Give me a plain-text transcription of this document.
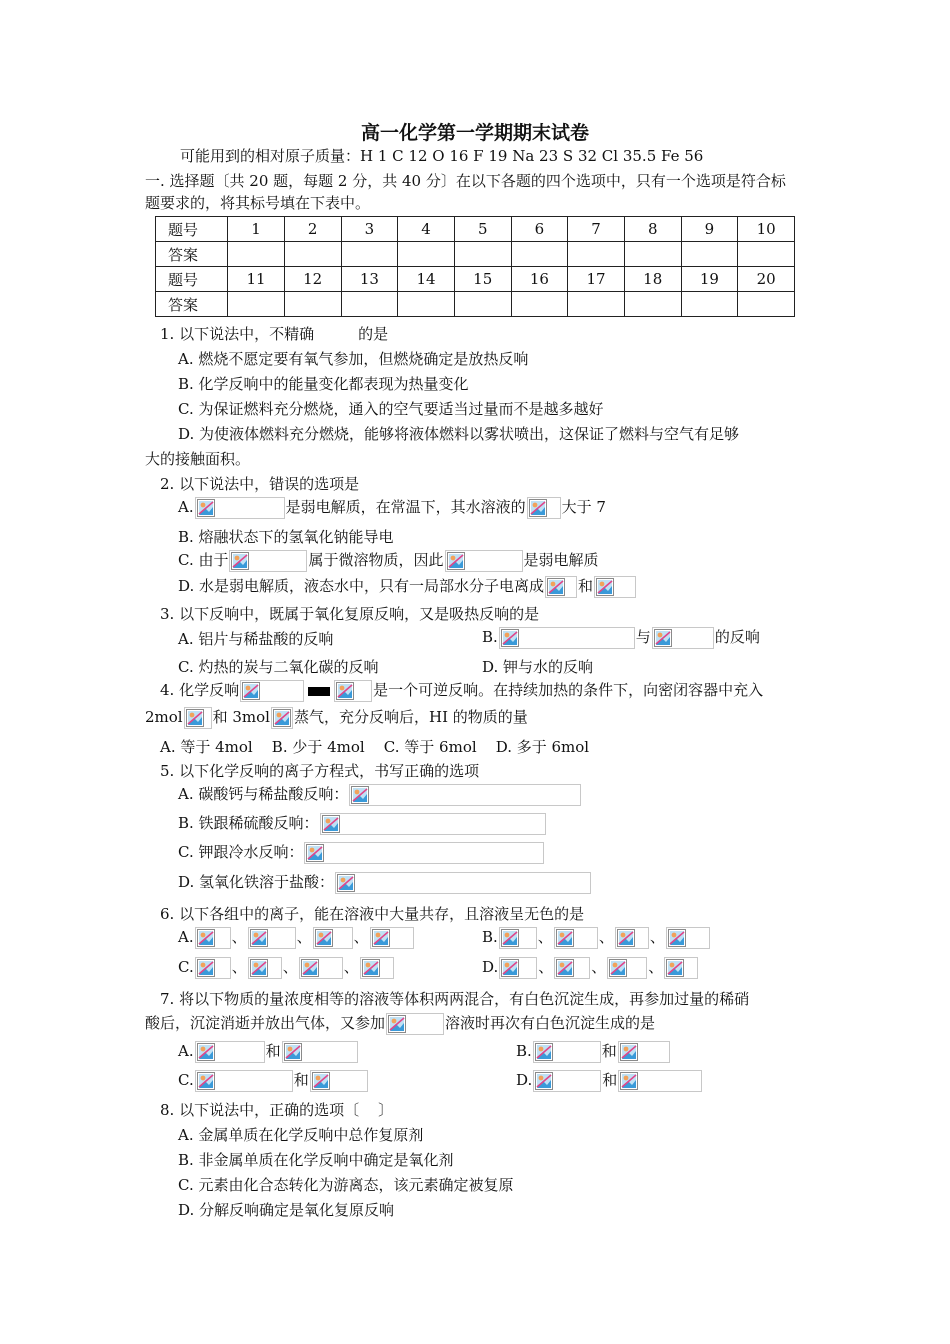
高一化学第一学期期末试卷
可能用到的相对原子质量：H 1 C 12 O 16 F 19 Na 23 S 32 Cl 35.5 Fe 56
一. 选择题〔共 20 题，每题 2 分，共 40 分〕在以下各题的四个选项中，只有一个选项是符合标
题要求的，将其标号填在下表中。
题号	1	2	3	4	5	6	7	8	9	10
答案										
题号	11	12	13	14	15	16	17	18	19	20
答案										
1. 以下说法中，不精确	的是
A. 燃烧不愿定要有氧气参加，但燃烧确定是放热反响
B. 化学反响中的能量变化都表现为热量变化
C. 为保证燃料充分燃烧，通入的空气要适当过量而不是越多越好
D. 为使液体燃料充分燃烧，能够将液体燃料以雾状喷出，这保证了燃料与空气有足够
大的接触面积。
2. 以下说法中，错误的选项是
A.	是弱电解质，在常温下，其水溶液的 大于 7
B. 熔融状态下的氢氧化钠能导电
C. 由于	属于微溶物质，因此	是弱电解质
D. 水是弱电解质，液态水中，只有一局部水分子电离成 和
3. 以下反响中，既属于氧化复原反响，又是吸热反响的是
A. 铝片与稀盐酸的反响	B.	与	的反响
C. 灼热的炭与二氧化碳的反响	D. 钾与水的反响
4. 化学反响	是一个可逆反响。在持续加热的条件下，向密闭容器中充入
2mol 和 3mol 蒸气，充分反响后，HI 的物质的量
A. 等于 4mol    B. 少于 4mol    C. 等于 6mol    D. 多于 6mol
5. 以下化学反响的离子方程式，书写正确的选项
A. 碳酸钙与稀盐酸反响：
B. 铁跟稀硫酸反响：
C. 钾跟冷水反响：
D. 氢氧化铁溶于盐酸：
6. 以下各组中的离子，能在溶液中大量共存，且溶液呈无色的是
A.	、	、	、	B.	、	、 、
C.	、 、	、	D.	、	、	、
7. 将以下物质的量浓度相等的溶液等体积两两混合，有白色沉淀生成，再参加过量的稀硝
酸后，沉淀消逝并放出气体，又参加	溶液时再次有白色沉淀生成的是
A.	和	B.	和
C.	和	D.	和
8. 以下说法中，正确的选项〔    〕
A. 金属单质在化学反响中总作复原剂
B. 非金属单质在化学反响中确定是氧化剂
C. 元素由化合态转化为游离态，该元素确定被复原
D. 分解反响确定是氧化复原反响
